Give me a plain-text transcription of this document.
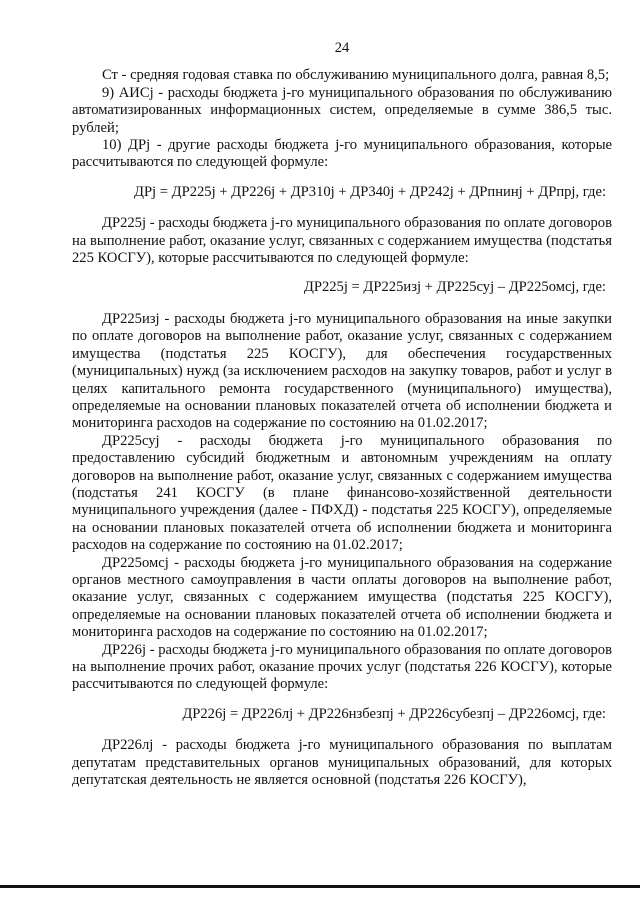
24

Ст - средняя годовая ставка по обслуживанию муниципального долга, равная 8,5;

9) АИСj - расходы бюджета j-го муниципального образования по обслуживанию автоматизированных информационных систем, определяемые в сумме 386,5 тыс. рублей;

10) ДРj - другие расходы бюджета j-го муниципального образования, которые рассчитываются по следующей формуле:

ДРj = ДР225j + ДР226j + ДР310j + ДР340j + ДР242j + ДРпнинj + ДРпрj, где:

ДР225j - расходы бюджета j-го муниципального образования по оплате договоров на выполнение работ, оказание услуг, связанных с содержанием имущества (подстатья 225 КОСГУ), которые рассчитываются по следующей формуле:

ДР225j = ДР225изj + ДР225суj – ДР225омсj, где:

ДР225изj - расходы бюджета j-го муниципального образования на иные закупки по оплате договоров на выполнение работ, оказание услуг, связанных с содержанием имущества (подстатья 225 КОСГУ), для обеспечения государственных (муниципальных) нужд (за исключением расходов на закупку товаров, работ и услуг в целях капитального ремонта государственного (муниципального) имущества), определяемые на основании плановых показателей отчета об исполнении бюджета и мониторинга расходов на содержание по состоянию на 01.02.2017;

ДР225суj - расходы бюджета j-го муниципального образования по предоставлению субсидий бюджетным и автономным учреждениям на оплату договоров на выполнение работ, оказание услуг, связанных с содержанием имущества (подстатья 241 КОСГУ (в плане финансово-хозяйственной деятельности муниципального учреждения (далее - ПФХД) - подстатья 225 КОСГУ), определяемые на основании плановых показателей отчета об исполнении бюджета и мониторинга расходов на содержание по состоянию на 01.02.2017;

ДР225омсj - расходы бюджета j-го муниципального образования на содержание органов местного самоуправления в части оплаты договоров на выполнение работ, оказание услуг, связанных с содержанием имущества (подстатья 225 КОСГУ), определяемые на основании плановых показателей отчета об исполнении бюджета и мониторинга расходов на содержание по состоянию на 01.02.2017;

ДР226j - расходы бюджета j-го муниципального образования по оплате договоров на выполнение прочих работ, оказание прочих услуг (подстатья 226 КОСГУ), которые рассчитываются по следующей формуле:

ДР226j = ДР226лj + ДР226нзбезпj + ДР226субезпj – ДР226омсj, где:

ДР226лj - расходы бюджета j-го муниципального образования по выплатам депутатам представительных органов муниципальных образований, для которых депутатская деятельность не является основной (подстатья 226 КОСГУ),
